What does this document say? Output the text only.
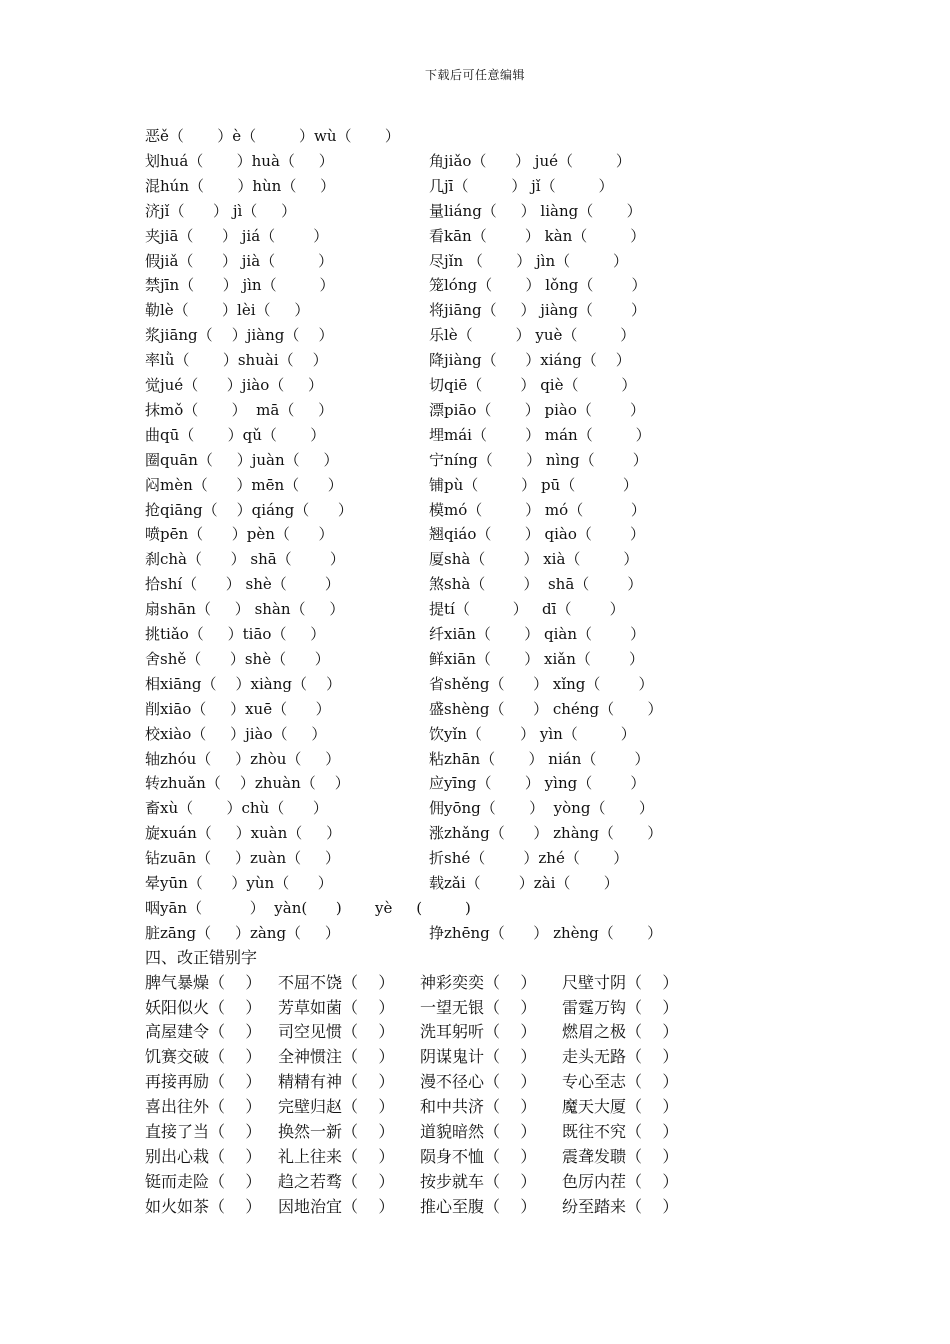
下载后可任意编辑
恶ě（       ）è（         ）wù（       ）
划huá（       ）huà（     ）	角jiǎo（      ） jué（         ）
混hún（       ）hùn（     ）	几jī（         ） jǐ（         ）
济jǐ（      ） jì（     ）	量liáng（     ） liàng（       ）
夹jiā（      ） jiá（        ）	看kān（        ） kàn（         ）
假jiǎ（      ） jià（         ）	尽jǐn （       ） jìn（         ）
禁jīn（      ） jìn（         ）	笼lóng（       ） lǒng（        ）
勒lè（       ）lèi（     ）	将jiāng（     ） jiàng（        ）
浆jiāng（    ）jiàng（    ）	乐lè（         ） yuè（         ）
率lǜ（       ）shuài（    ）	降jiàng（      ）xiáng（    ）
觉jué（      ）jiào（     ）	切qiē（        ） qiè（         ）
抹mǒ（       ）  mā（     ）	漂piāo（       ） piào（        ）
曲qū（       ）qǔ（       ）	埋mái（        ） mán（         ）
圈quān（     ）juàn（     ）	宁níng（       ） nìng（        ）
闷mèn（      ）mēn（      ）	铺pù（         ） pū（          ）
抢qiāng（    ）qiáng（      ）	模mó（         ） mó（          ）
喷pēn（      ）pèn（      ）	翘qiáo（       ） qiào（        ）
刹chà（      ） shā（        ）	厦shà（        ） xià（         ）
拾shí（      ） shè（        ）	煞shà（        ）  shā（        ）
扇shān（     ） shàn（     ）	提tí（         ）   dī（        ）
挑tiǎo（     ）tiāo（     ）	纤xiān（       ） qiàn（        ）
舍shě（      ）shè（      ）	鲜xiān（       ） xiǎn（        ）
相xiāng（    ）xiàng（    ）	省shěng（      ） xǐng（        ）
削xiāo（     ）xuē（      ）	盛shèng（      ） chéng（       ）
校xiào（     ）jiào（     ）	饮yǐn（        ） yìn（         ）
轴zhóu（     ）zhòu（     ）	粘zhān（       ） nián（        ）
转zhuǎn（    ）zhuàn（    ）	应yīng（       ） yìng（        ）
畜xù（       ）chù（      ）	佣yōng（       ）  yòng（       ）
旋xuán（     ）xuàn（     ）	涨zhǎng（      ） zhàng（       ）
钻zuān（     ）zuàn（     ）	折shé（        ）zhé（       ）
晕yūn（      ）yùn（      ）	载zǎi（        ）zài（       ）
咽yān（          ）  yàn(      )       yè     (         )
脏zāng（     ）zàng（     ）	挣zhēng（      ） zhèng（       ）
四、改正错别字
脾气暴燥（    ） 不屈不饶（    ） 神彩奕奕（    ） 尺壁寸阴（    ）
妖阳似火（    ） 芳草如菌（    ） 一望无银（    ） 雷霆万钩（    ）
高屋建令（    ） 司空见惯（    ） 洗耳躬听（    ） 燃眉之极（    ）
饥赛交破（    ） 全神惯注（    ） 阴谋鬼计（    ） 走头无路（    ）
再接再励（    ） 精精有神（    ） 漫不径心（    ） 专心至志（    ）
喜出往外（    ） 完壁归赵（    ） 和中共济（    ） 魔天大厦（    ）
直接了当（    ） 换然一新（    ） 道貌暗然（    ） 既往不究（    ）
别出心栽（    ） 礼上往来（    ） 陨身不恤（    ） 震聋发聩（    ）
铤而走险（    ） 趋之若骛（    ） 按步就车（    ） 色厉内茬（    ）
如火如茶（    ） 因地治宜（    ） 推心至腹（    ） 纷至踏来（    ）
